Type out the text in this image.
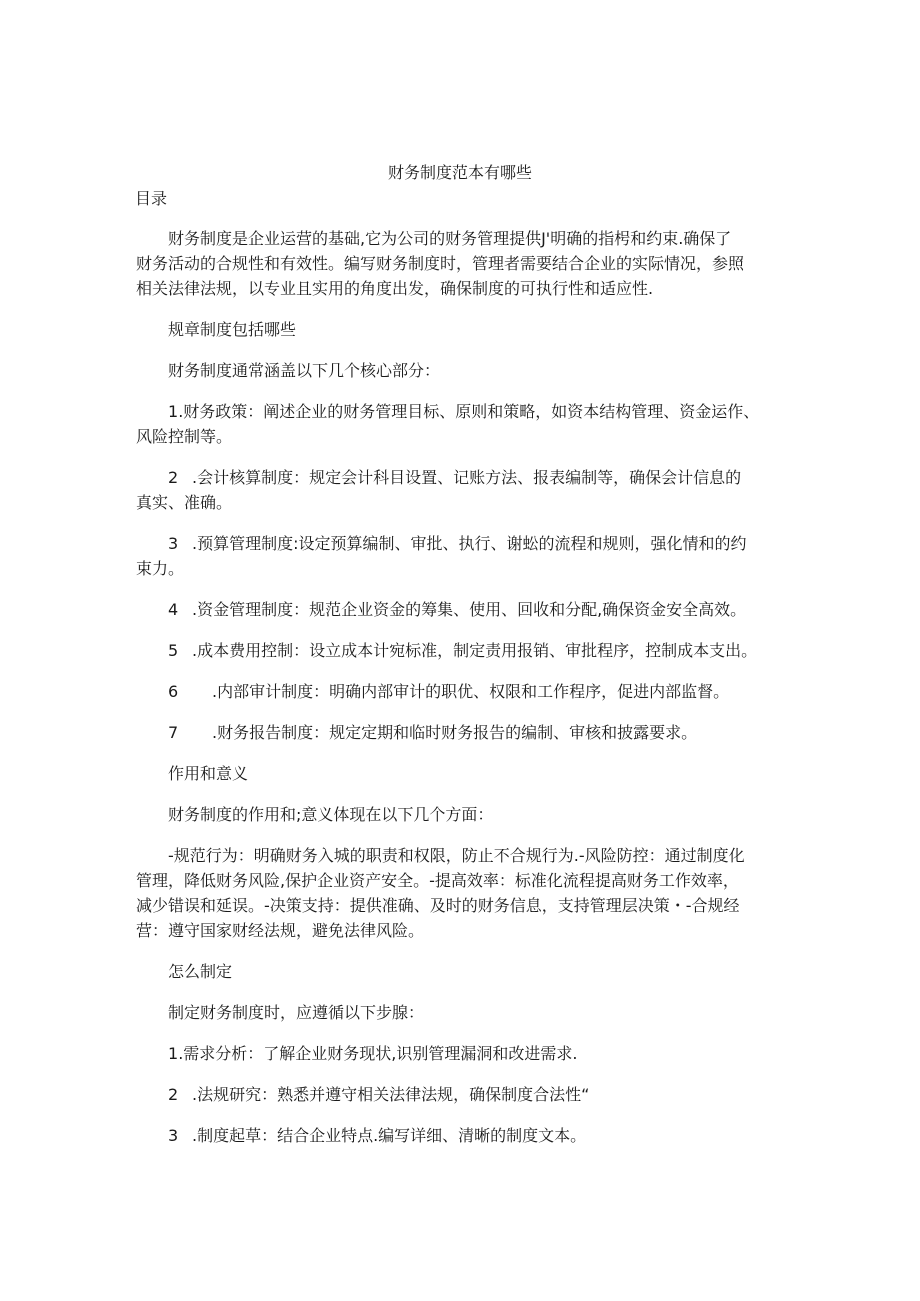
财务制度范本有哪些
目录

财务制度是企业运营的基础,它为公司的财务管理提供J'明确的指枵和约束.确保了
财务活动的合规性和有效性。编写财务制度时，管理者需要结合企业的实际情况，参照
相关法律法规，以专业且实用的角度出发，确保制度的可执行性和适应性.

规章制度包括哪些

财务制度通常涵盖以下几个核心部分：

1.财务政策：阐述企业的财务管理目标、原则和策略，如资本结构管理、资金运作、
风险控制等。

2 .会计核算制度：规定会计科目设置、记账方法、报表编制等，确保会计信息的
真实、准确。

3 .预算管理制度:设定预算编制、审批、执行、谢蚣的流程和规则，强化情和的约
束力。

4 .资金管理制度：规范企业资金的筹集、使用、回收和分配,确保资金安全高效。

5 .成本费用控制：设立成本计宛标准，制定责用报销、审批程序，控制成本支出。

6 .内部审计制度：明确内部审计的职优、权限和工作程序，促进内部监督。

7 .财务报告制度：规定定期和临时财务报告的编制、审核和披露要求。

作用和意义

财务制度的作用和;意义体现在以下几个方面：

-规范行为：明确财务入城的职责和权限，防止不合规行为.-风险防控：通过制度化
管理，降低财务风险,保护企业资产安全。-提高效率：标准化流程提高财务工作效率，
减少错误和延误。-决策支持：提供准确、及时的财务信息，支持管理层决策・-合规经
营：遵守国家财经法规，避免法律风险。

怎么制定

制定财务制度时，应遵循以下步腺：

1.需求分析：了解企业财务现状,识别管理漏洞和改进需求.

2 .法规研究：熟悉并遵守相关法律法规，确保制度合法性“

3 .制度起草：结合企业特点.编写详细、清晰的制度文本。
